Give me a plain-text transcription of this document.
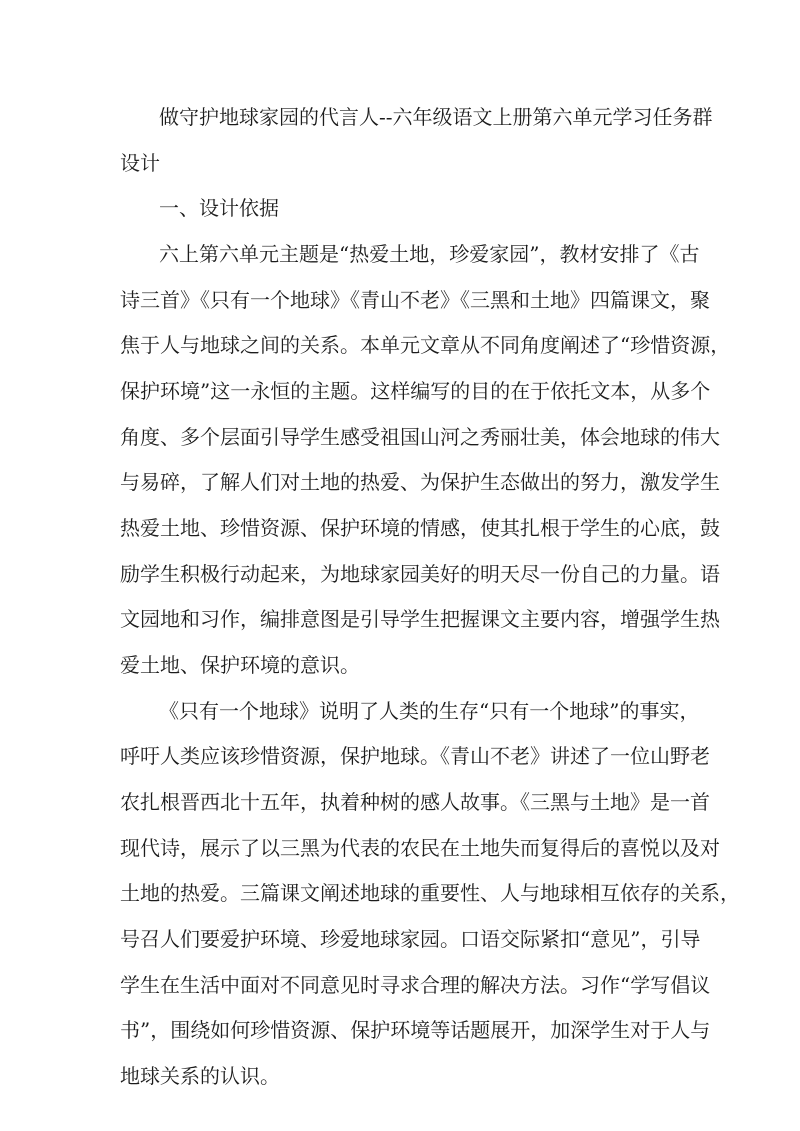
做守护地球家园的代言人--六年级语文上册第六单元学习任务群
设计
一、设计依据
六上第六单元主题是“热爱土地，珍爱家园”，教材安排了《古
诗三首》《只有一个地球》《青山不老》《三黑和土地》四篇课文，聚
焦于人与地球之间的关系。本单元文章从不同角度阐述了“珍惜资源，
保护环境”这一永恒的主题。这样编写的目的在于依托文本，从多个
角度、多个层面引导学生感受祖国山河之秀丽壮美，体会地球的伟大
与易碎，了解人们对土地的热爱、为保护生态做出的努力，激发学生
热爱土地、珍惜资源、保护环境的情感，使其扎根于学生的心底，鼓
励学生积极行动起来，为地球家园美好的明天尽一份自己的力量。语
文园地和习作，编排意图是引导学生把握课文主要内容，增强学生热
爱土地、保护环境的意识。
《只有一个地球》说明了人类的生存“只有一个地球”的事实，
呼吁人类应该珍惜资源，保护地球。《青山不老》讲述了一位山野老
农扎根晋西北十五年，执着种树的感人故事。《三黑与土地》是一首
现代诗，展示了以三黑为代表的农民在土地失而复得后的喜悦以及对
土地的热爱。三篇课文阐述地球的重要性、人与地球相互依存的关系，
号召人们要爱护环境、珍爱地球家园。口语交际紧扣“意见”，引导
学生在生活中面对不同意见时寻求合理的解决方法。习作“学写倡议
书”，围绕如何珍惜资源、保护环境等话题展开，加深学生对于人与
地球关系的认识。
